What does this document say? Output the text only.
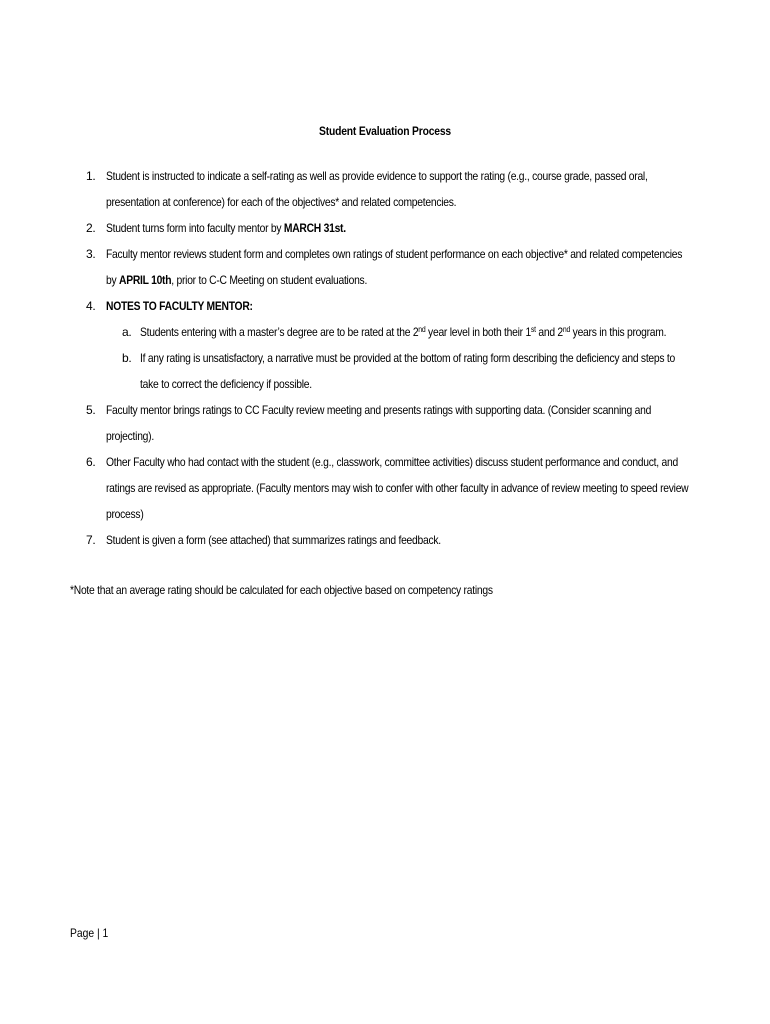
Student Evaluation Process
1. Student is instructed to indicate a self-rating as well as provide evidence to support the rating (e.g., course grade, passed oral,
presentation at conference) for each of the objectives* and related competencies.
2. Student turns form into faculty mentor by MARCH 31st.
3. Faculty mentor reviews student form and completes own ratings of student performance on each objective* and related competencies
by APRIL 10th, prior to C-C Meeting on student evaluations.
4. NOTES TO FACULTY MENTOR:
a. Students entering with a master’s degree are to be rated at the 2nd year level in both their 1st and 2nd years in this program.
b. If any rating is unsatisfactory, a narrative must be provided at the bottom of rating form describing the deficiency and steps to
take to correct the deficiency if possible.
5. Faculty mentor brings ratings to CC Faculty review meeting and presents ratings with supporting data. (Consider scanning and
projecting).
6. Other Faculty who had contact with the student (e.g., classwork, committee activities) discuss student performance and conduct, and
ratings are revised as appropriate. (Faculty mentors may wish to confer with other faculty in advance of review meeting to speed review
process)
7. Student is given a form (see attached) that summarizes ratings and feedback.
*Note that an average rating should be calculated for each objective based on competency ratings
Page | 1
